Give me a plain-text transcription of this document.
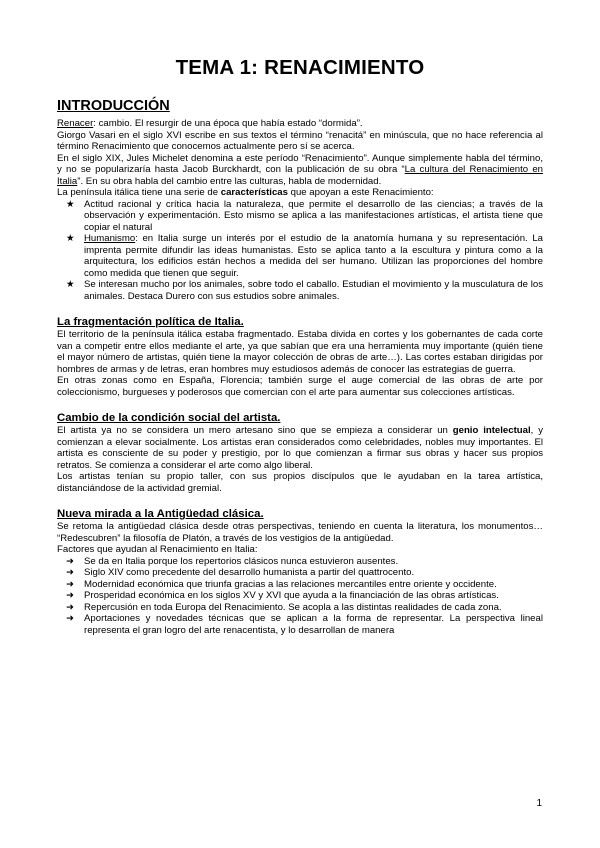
TEMA 1: RENACIMIENTO
INTRODUCCIÓN

Renacer: cambio. El resurgir de una época que había estado “dormida”.

Giorgo Vasari en el siglo XVI escribe en sus textos el término “renacitá” en minúscula, que no hace referencia al término Renacimiento que conocemos actualmente pero sí se acerca.

En el siglo XIX, Jules Michelet denomina a este período “Renacimiento”. Aunque simplemente habla del término, y no se popularizaría hasta Jacob Burckhardt, con la publicación de su obra “La cultura del Renacimiento en Italia”. En su obra habla del cambio entre las culturas, habla de modernidad.

La península itálica tiene una serie de características que apoyan a este Renacimiento:

★ Actitud racional y crítica hacia la naturaleza, que permite el desarrollo de las ciencias; a través de la observación y experimentación. Esto mismo se aplica a las manifestaciones artísticas, el artista tiene que copiar el natural
★ Humanismo: en Italia surge un interés por el estudio de la anatomía humana y su representación. La imprenta permite difundir las ideas humanistas. Esto se aplica tanto a la escultura y pintura como a la arquitectura, los edificios están hechos a medida del ser humano. Utilizan las proporciones del hombre como medida que tienen que seguir.
★ Se interesan mucho por los animales, sobre todo el caballo. Estudian el movimiento y la musculatura de los animales. Destaca Durero con sus estudios sobre animales.
La fragmentación política de Italia.

El territorio de la península itálica estaba fragmentado. Estaba divida en cortes y los gobernantes de cada corte van a competir entre ellos mediante el arte, ya que sabían que era una herramienta muy importante (quién tiene el mayor número de artistas, quién tiene la mayor colección de obras de arte…). Las cortes estaban dirigidas por hombres de armas y de letras, eran hombres muy estudiosos además de conocer las estrategias de guerra.

En otras zonas como en España, Florencia; también surge el auge comercial de las obras de arte por coleccionismo, burgueses y poderosos que comercian con el arte para aumentar sus colecciones artísticas.

Cambio de la condición social del artista.

El artista ya no se considera un mero artesano sino que se empieza a considerar un genio intelectual, y comienzan a elevar socialmente. Los artistas eran considerados como celebridades, nobles muy importantes. El artista es consciente de su poder y prestigio, por lo que comienzan a firmar sus obras y hacer sus propios retratos. Se comienza a considerar el arte como algo liberal.

Los artistas tenían su propio taller, con sus propios discípulos que le ayudaban en la tarea artística, distanciándose de la actividad gremial.

Nueva mirada a la Antigüedad clásica.

Se retoma la antigüedad clásica desde otras perspectivas, teniendo en cuenta la literatura, los monumentos… “Redescubren” la filosofía de Platón, a través de los vestigios de la antigüedad.

Factores que ayudan al Renacimiento en Italia:

➜ Se da en Italia porque los repertorios clásicos nunca estuvieron ausentes.
➜ Siglo XIV como precedente del desarrollo humanista a partir del quattrocento.
➜ Modernidad económica que triunfa gracias a las relaciones mercantiles entre oriente y occidente.
➜ Prosperidad económica en los siglos XV y XVI que ayuda a la financiación de las obras artísticas.
➜ Repercusión en toda Europa del Renacimiento. Se acopla a las distintas realidades de cada zona.
➜ Aportaciones y novedades técnicas que se aplican a la forma de representar. La perspectiva lineal representa el gran logro del arte renacentista, y lo desarrollan de manera
1
